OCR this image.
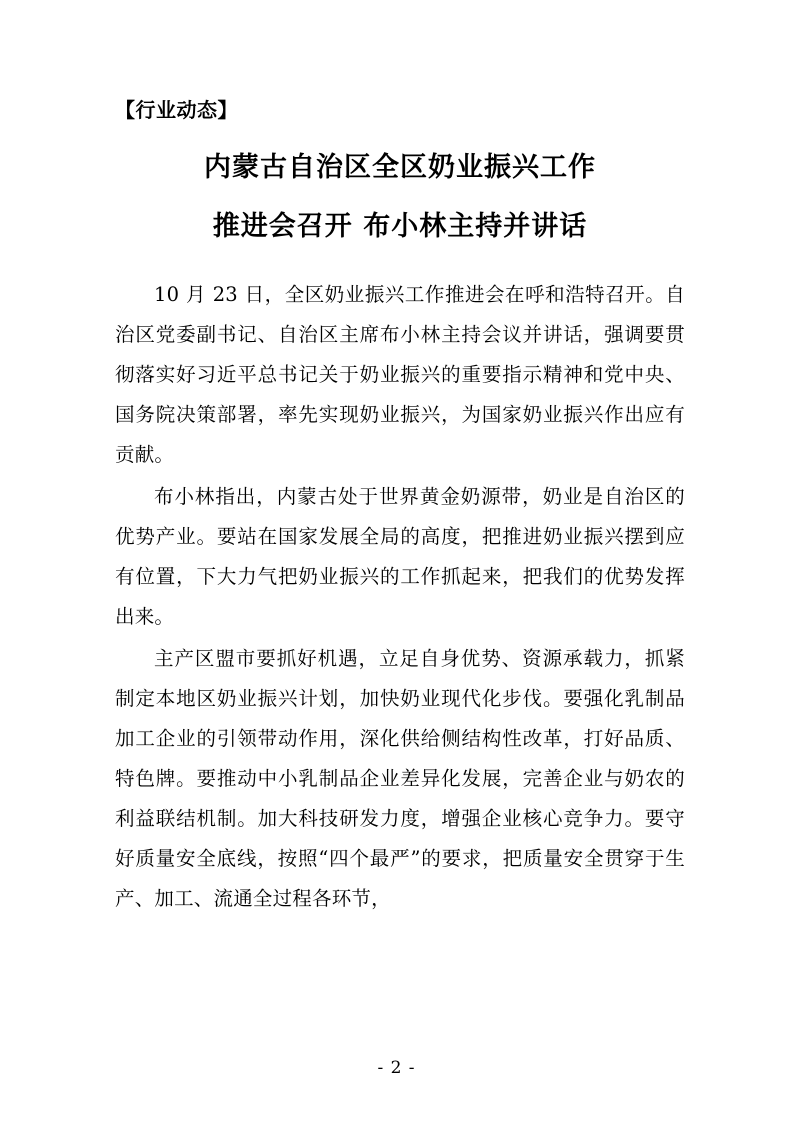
【行业动态】
内蒙古自治区全区奶业振兴工作
推进会召开 布小林主持并讲话

10 月 23 日，全区奶业振兴工作推进会在呼和浩特召开。自治区党委副书记、自治区主席布小林主持会议并讲话，强调要贯彻落实好习近平总书记关于奶业振兴的重要指示精神和党中央、国务院决策部署，率先实现奶业振兴，为国家奶业振兴作出应有贡献。

布小林指出，内蒙古处于世界黄金奶源带，奶业是自治区的优势产业。要站在国家发展全局的高度，把推进奶业振兴摆到应有位置，下大力气把奶业振兴的工作抓起来，把我们的优势发挥出来。

主产区盟市要抓好机遇，立足自身优势、资源承载力，抓紧制定本地区奶业振兴计划，加快奶业现代化步伐。要强化乳制品加工企业的引领带动作用，深化供给侧结构性改革，打好品质、特色牌。要推动中小乳制品企业差异化发展，完善企业与奶农的利益联结机制。加大科技研发力度，增强企业核心竞争力。要守好质量安全底线，按照“四个最严”的要求，把质量安全贯穿于生产、加工、流通全过程各环节，

- 2 -
